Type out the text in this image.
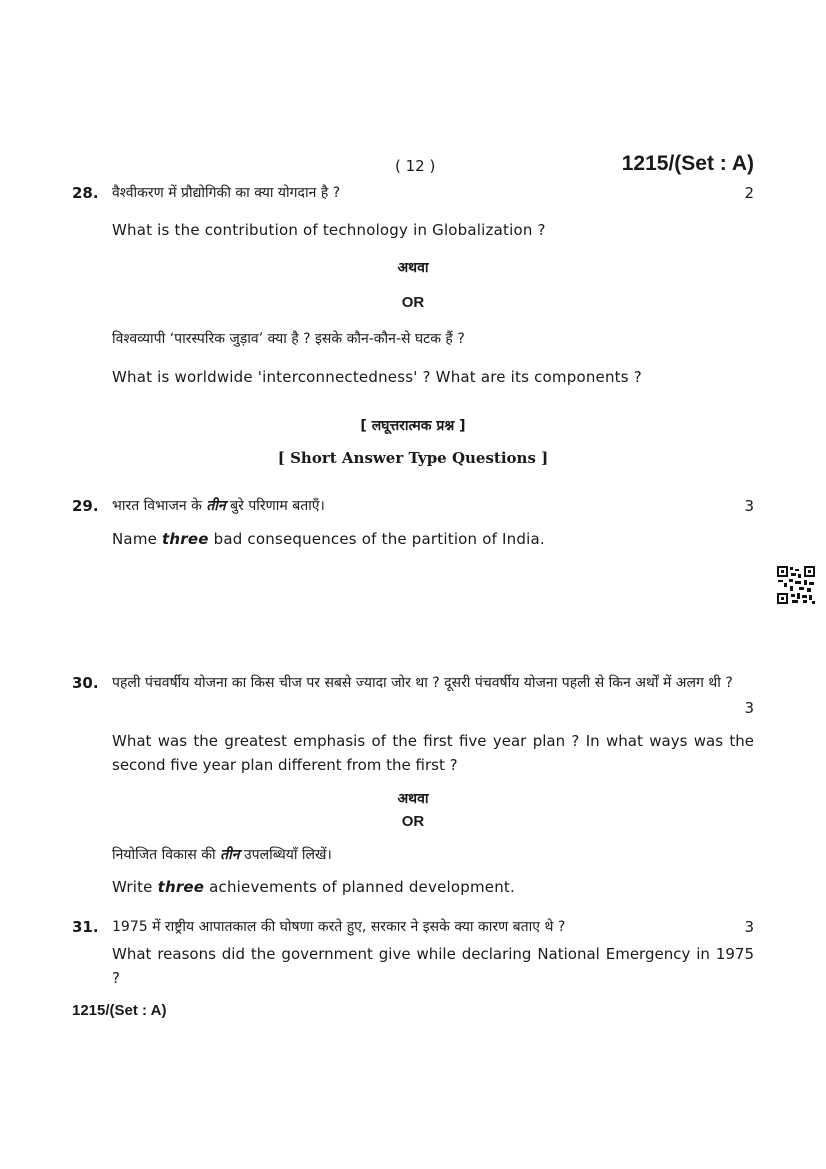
( 12 )	1215/(Set : A)
28. वैश्वीकरण में प्रौद्योगिकी का क्या योगदान है ?	2
What is the contribution of technology in Globalization ?
अथवा
OR
विश्वव्यापी ‘पारस्परिक जुड़ाव’ क्या है ? इसके कौन-कौन-से घटक हैं ?
What is worldwide 'interconnectedness' ? What are its components ?
[ लघूत्तरात्मक प्रश्न ]
[ Short Answer Type Questions ]
29. भारत विभाजन के तीन बुरे परिणाम बताएँ।	3
Name three bad consequences of the partition of India.
30. पहली पंचवर्षीय योजना का किस चीज पर सबसे ज्यादा जोर था ? दूसरी पंचवर्षीय योजना पहली से किन अर्थों में अलग थी ?
3
What was the greatest emphasis of the first five year plan ? In what ways was the second five year plan different from the first ?
अथवा
OR
नियोजित विकास की तीन उपलब्धियाँ लिखें।
Write three achievements of planned development.
31. 1975 में राष्ट्रीय आपातकाल की घोषणा करते हुए, सरकार ने इसके क्या कारण बताए थे ?	3
What reasons did the government give while declaring National Emergency in 1975 ?
1215/(Set : A)
